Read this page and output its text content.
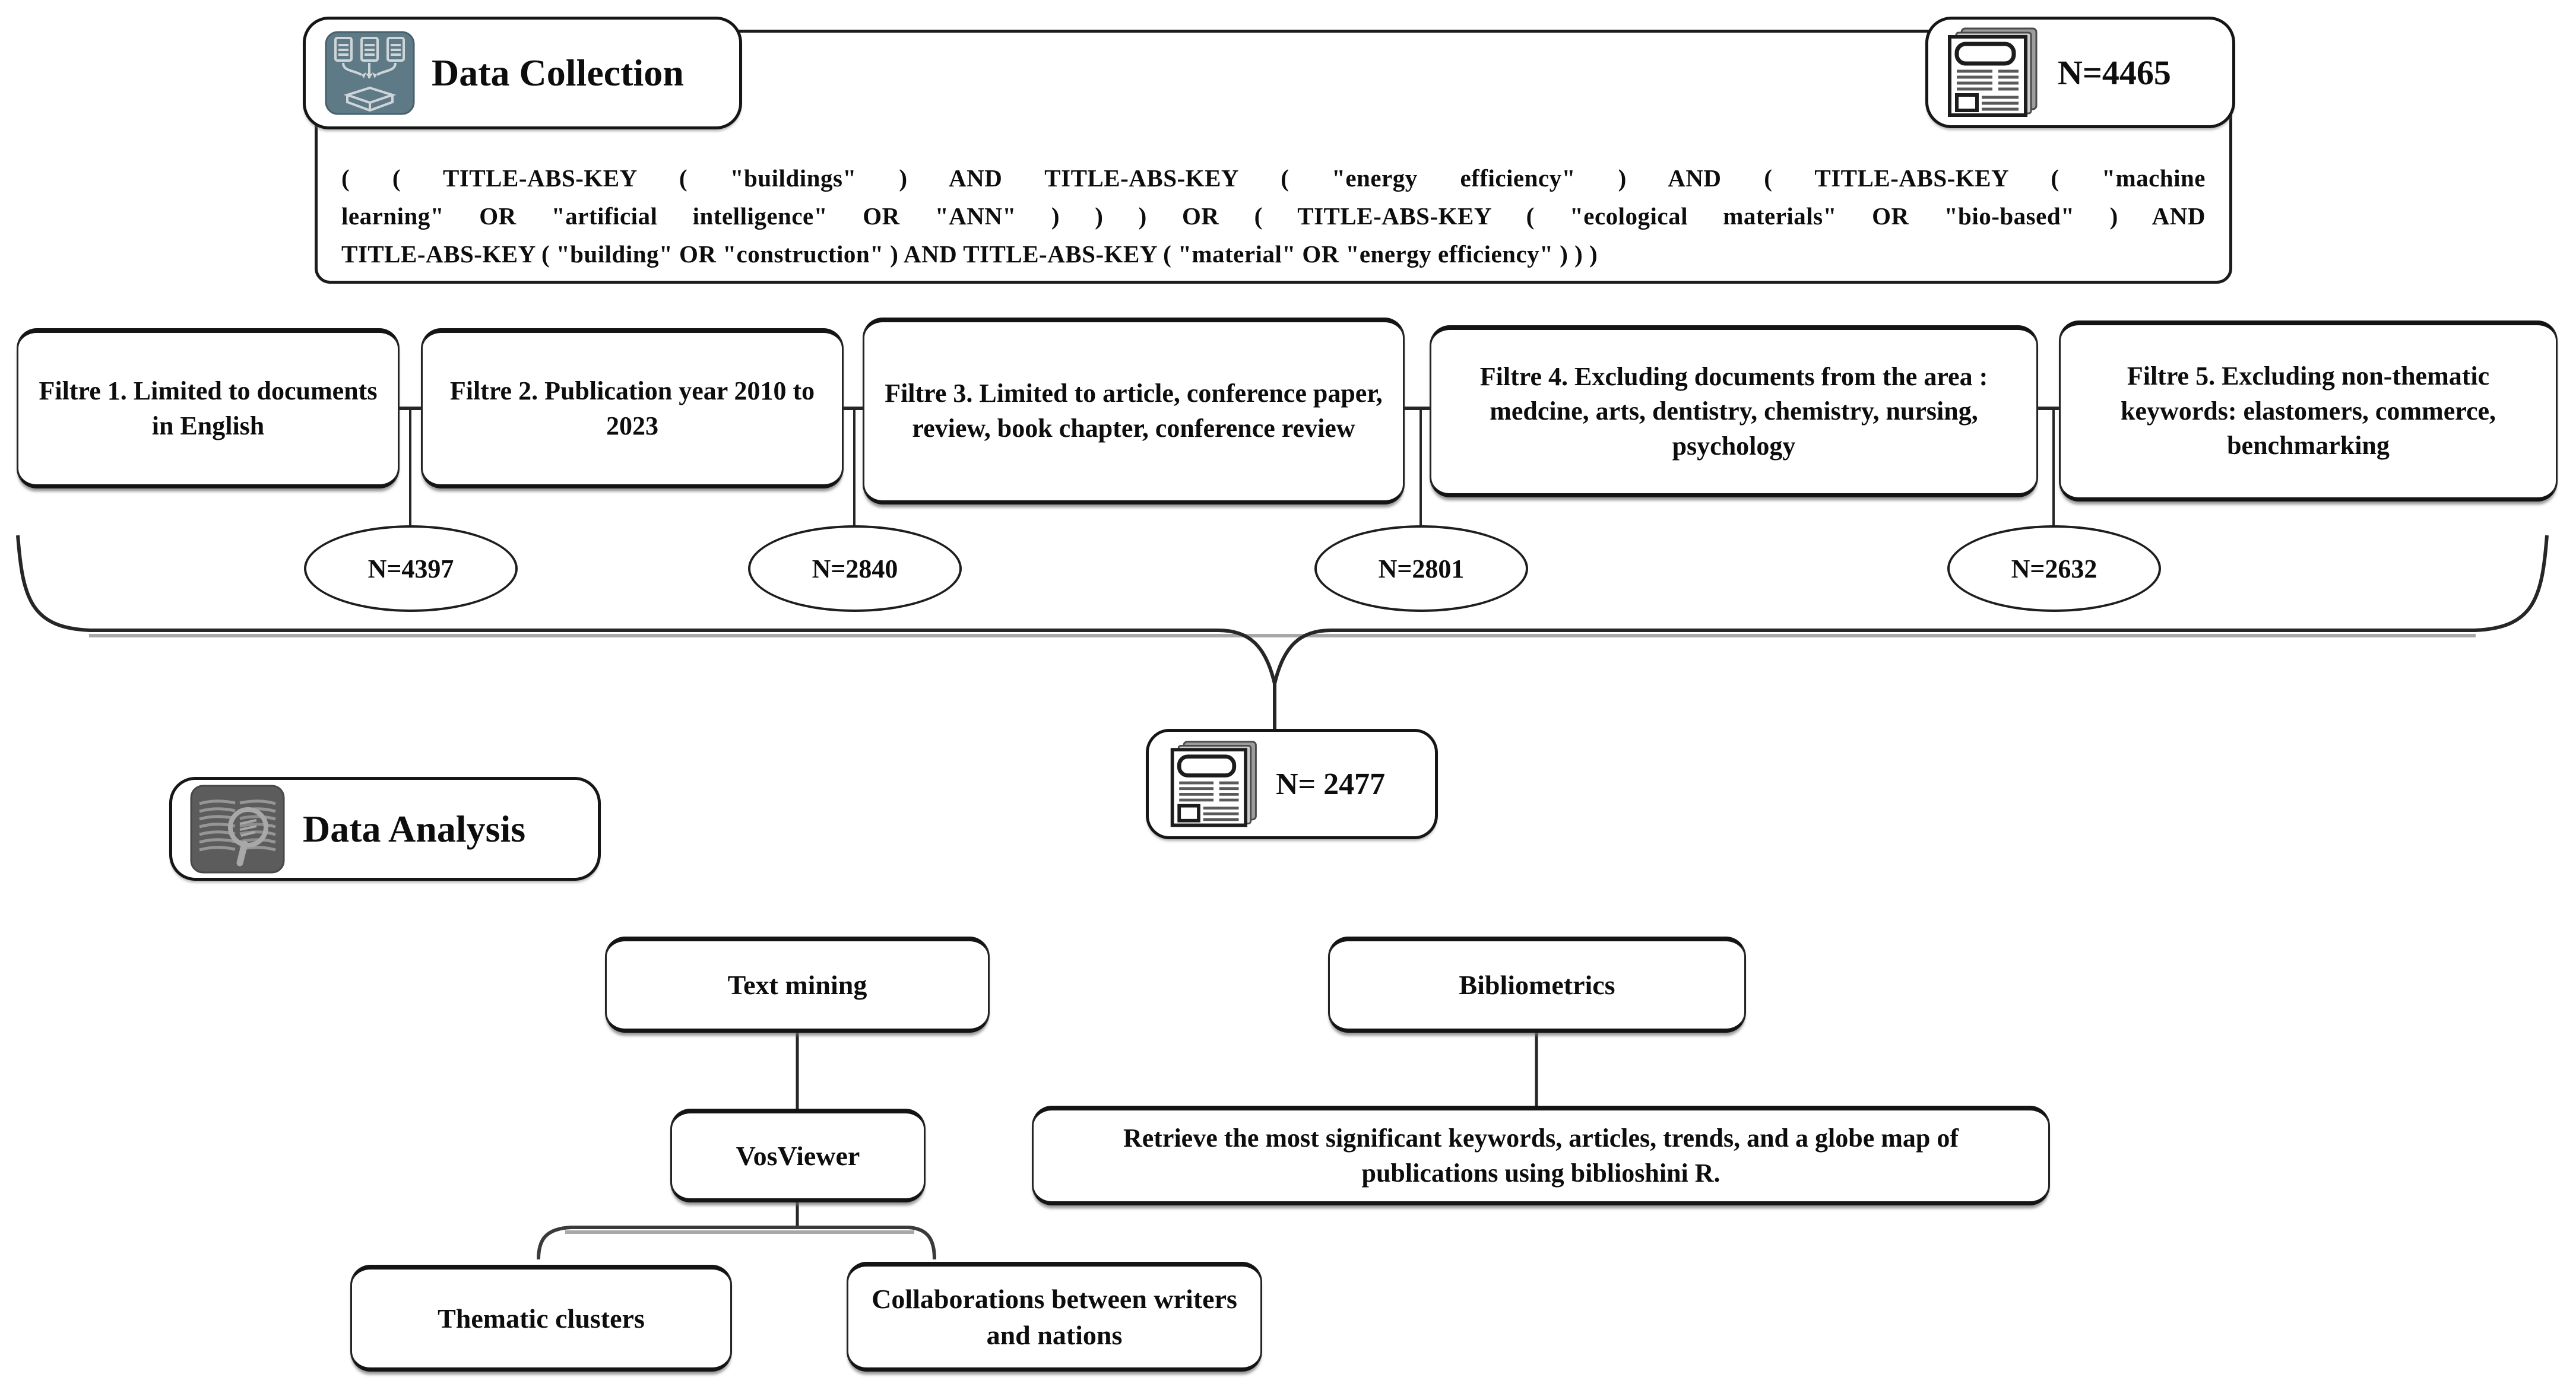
Data Collection	N=4465
( ( TITLE-ABS-KEY ( "buildings" ) AND TITLE-ABS-KEY ( "energy efficiency" ) AND ( TITLE-ABS-KEY ( "machine
learning" OR "artificial intelligence" OR "ANN" ) ) ) OR ( TITLE-ABS-KEY ( "ecological materials" OR "bio-based" ) AND
TITLE-ABS-KEY ( "building" OR "construction" ) AND TITLE-ABS-KEY ( "material" OR "energy efficiency" ) ) )
Filtre 1. Limited to documents in English
Filtre 2. Publication year 2010 to 2023
Filtre 3. Limited to article, conference paper, review, book chapter, conference review
Filtre 4. Excluding documents from the area : medcine, arts, dentistry, chemistry, nursing, psychology
Filtre 5. Excluding non-thematic keywords: elastomers, commerce, benchmarking
N=4397	N=2840	N=2801	N=2632
N= 2477
Data Analysis
Text mining	Bibliometrics
VosViewer
Retrieve the most significant keywords, articles, trends, and a globe map of publications using biblioshini R.
Thematic clusters
Collaborations between writers and nations
